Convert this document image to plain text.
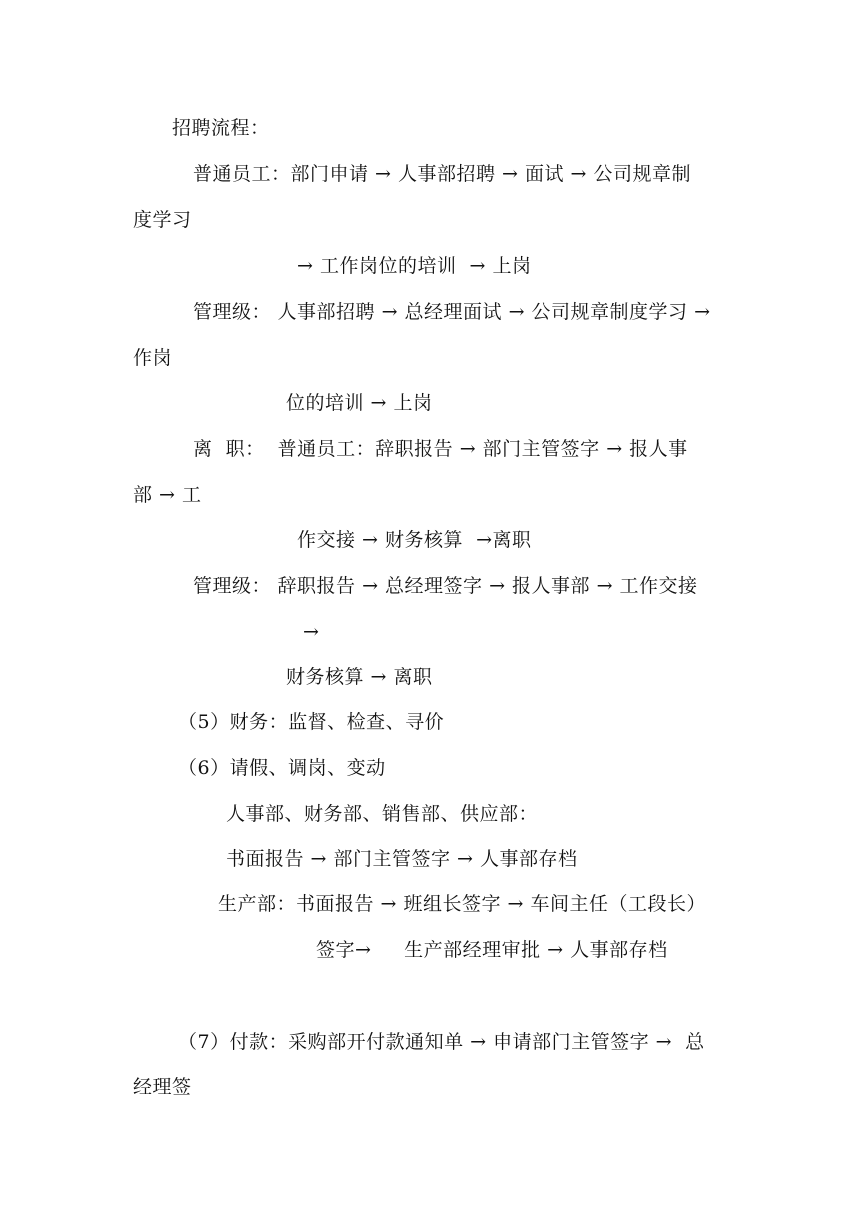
招聘流程：
普通员工：部门申请 → 人事部招聘 → 面试 → 公司规章制
度学习
→ 工作岗位的培训  → 上岗
管理级： 人事部招聘 → 总经理面试 → 公司规章制度学习 →
作岗
位的培训 → 上岗
离  职：  普通员工：辞职报告 → 部门主管签字 → 报人事
部 → 工
作交接 → 财务核算  →离职
管理级： 辞职报告 → 总经理签字 → 报人事部 → 工作交接
→
财务核算 → 离职
（5）财务：监督、检查、寻价
（6）请假、调岗、变动
人事部、财务部、销售部、供应部：
书面报告 → 部门主管签字 → 人事部存档
生产部：书面报告 → 班组长签字 → 车间主任（工段长）
签字→     生产部经理审批 → 人事部存档
（7）付款：采购部开付款通知单 → 申请部门主管签字 →  总
经理签
